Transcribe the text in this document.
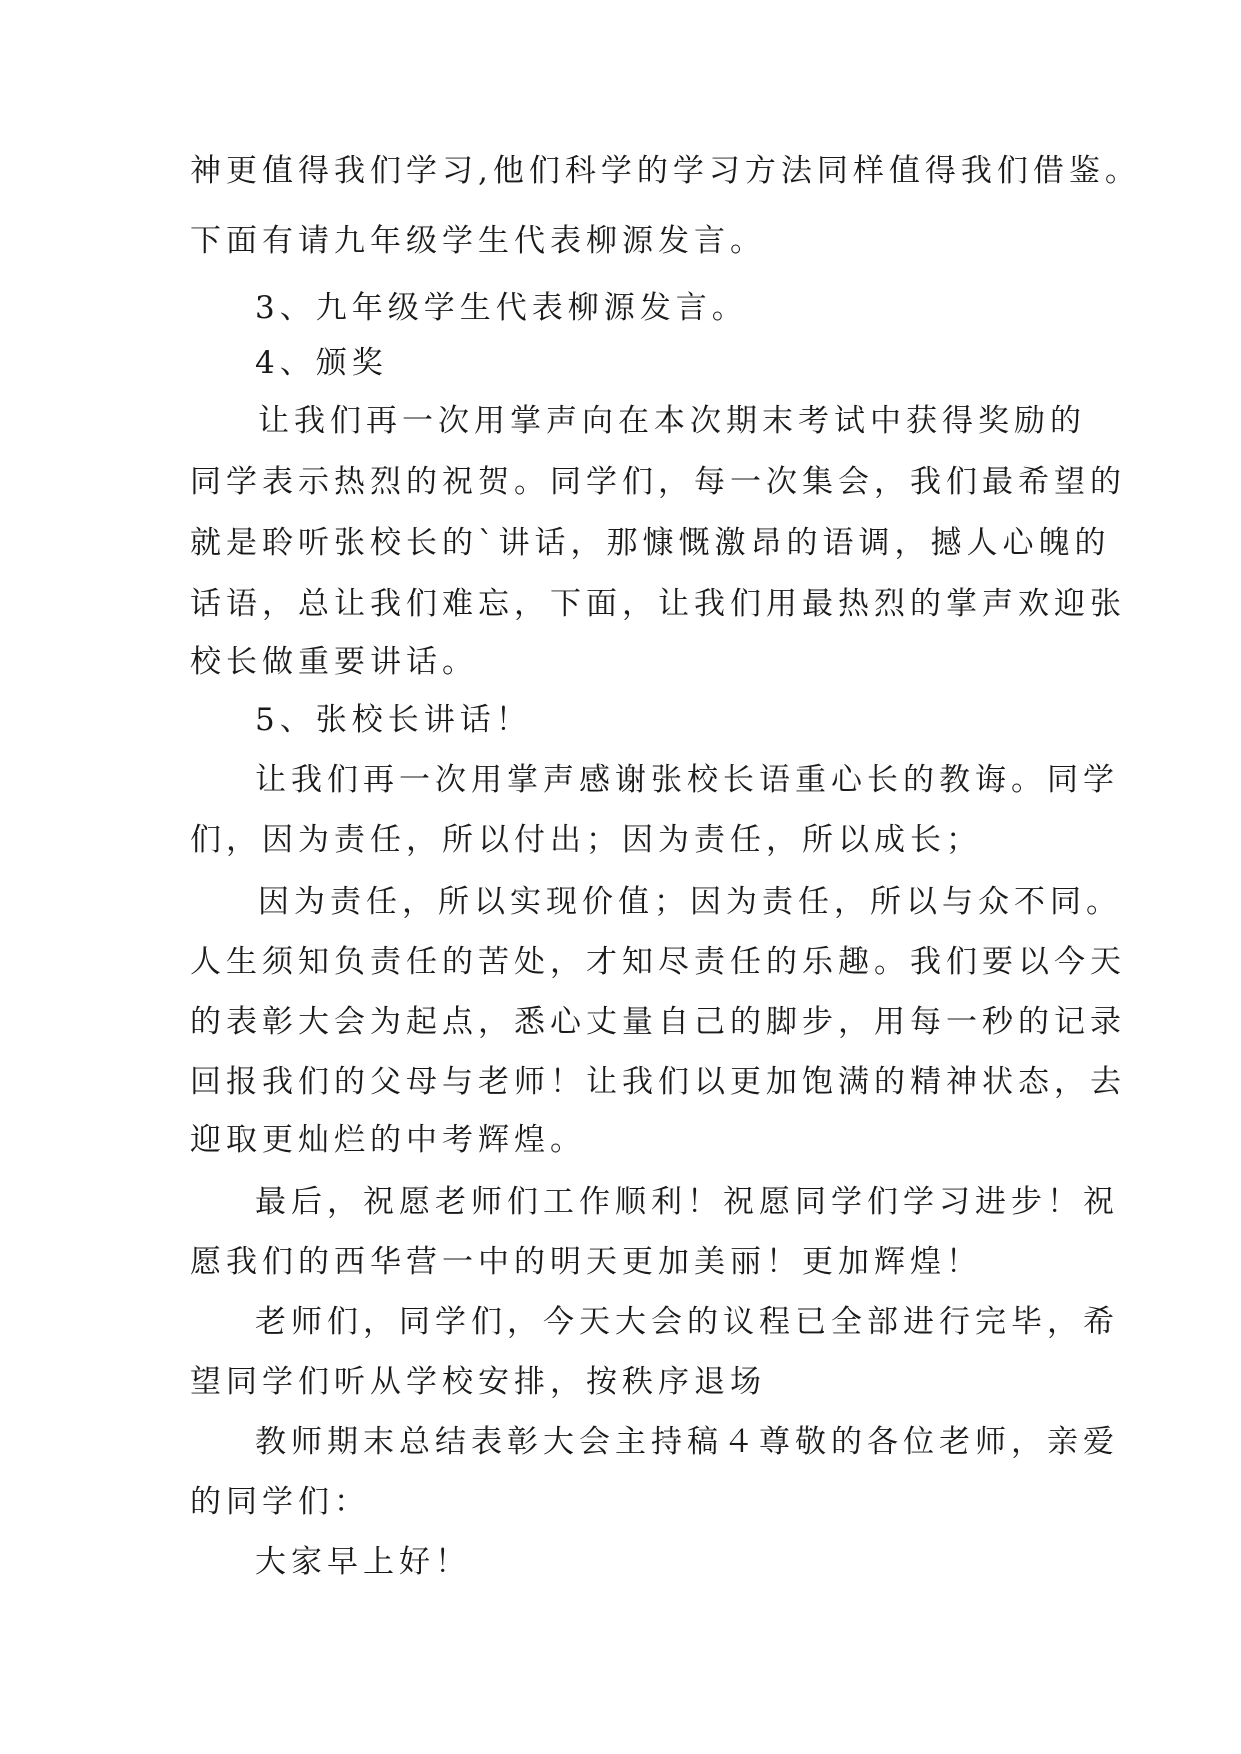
神更值得我们学习,他们科学的学习方法同样值得我们借鉴。
下面有请九年级学生代表柳源发言。
3、九年级学生代表柳源发言。
4、颁奖
让我们再一次用掌声向在本次期末考试中获得奖励的
同学表示热烈的祝贺。同学们，每一次集会，我们最希望的
就是聆听张校长的`讲话，那慷慨激昂的语调，撼人心魄的
话语，总让我们难忘，下面，让我们用最热烈的掌声欢迎张
校长做重要讲话。
5、张校长讲话！
让我们再一次用掌声感谢张校长语重心长的教诲。同学
们，因为责任，所以付出；因为责任，所以成长；
因为责任，所以实现价值；因为责任，所以与众不同。
人生须知负责任的苦处，才知尽责任的乐趣。我们要以今天
的表彰大会为起点，悉心丈量自己的脚步，用每一秒的记录
回报我们的父母与老师！让我们以更加饱满的精神状态，去
迎取更灿烂的中考辉煌。
最后，祝愿老师们工作顺利！祝愿同学们学习进步！祝
愿我们的西华营一中的明天更加美丽！更加辉煌！
老师们，同学们，今天大会的议程已全部进行完毕，希
望同学们听从学校安排，按秩序退场
教师期末总结表彰大会主持稿４尊敬的各位老师，亲爱
的同学们：
大家早上好！
